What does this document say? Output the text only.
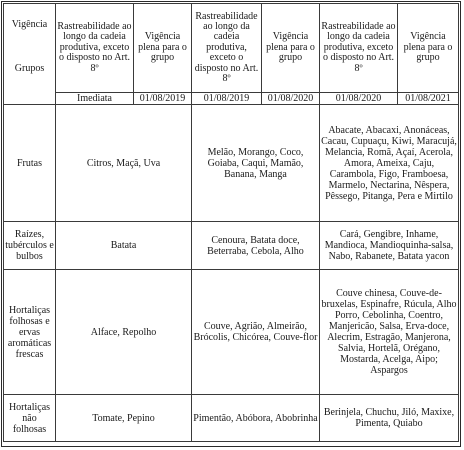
Vigência
Grupos	Rastreabilidade ao longo da cadeia produtiva, exceto o disposto no Art. 8º	Vigência plena para o grupo	Rastreabilidade ao longo da cadeia produtiva, exceto o disposto no Art. 8º	Vigência plena para o grupo	Rastreabilidade ao longo da cadeia produtiva, exceto o disposto no Art. 8º	Vigência plena para o grupo
	Imediata	01/08/2019	01/08/2019	01/08/2020	01/08/2020	01/08/2021
Frutas	Citros, Maçã, Uva		Melão, Morango, Coco, Goiaba, Caqui, Mamão, Banana, Manga		Abacate, Abacaxi, Anonáceas, Cacau, Cupuaçu, Kiwi, Maracujá, Melancia, Romã, Açaí, Acerola, Amora, Ameixa, Caju, Carambola, Figo, Framboesa, Marmelo, Nectarina, Nêspera, Pêssego, Pitanga, Pera e Mirtilo	
Raízes, tubérculos e bulbos	Batata		Cenoura, Batata doce, Beterraba, Cebola, Alho		Cará, Gengibre, Inhame, Mandioca, Mandioquinha-salsa, Nabo, Rabanete, Batata yacon	
Hortaliças folhosas e ervas aromáticas frescas	Alface, Repolho		Couve, Agrião, Almeirão, Brócolis, Chicórea, Couve-flor		Couve chinesa, Couve-de-bruxelas, Espinafre, Rúcula, Alho Porro, Cebolinha, Coentro, Manjericão, Salsa, Erva-doce, Alecrim, Estragão, Manjerona, Salvia, Hortelã, Orégano, Mostarda, Acelga, Aipo; Aspargos	
Hortaliças não folhosas	Tomate, Pepino		Pimentão, Abóbora, Abobrinha		Berinjela, Chuchu, Jiló, Maxixe, Pimenta, Quiabo	
